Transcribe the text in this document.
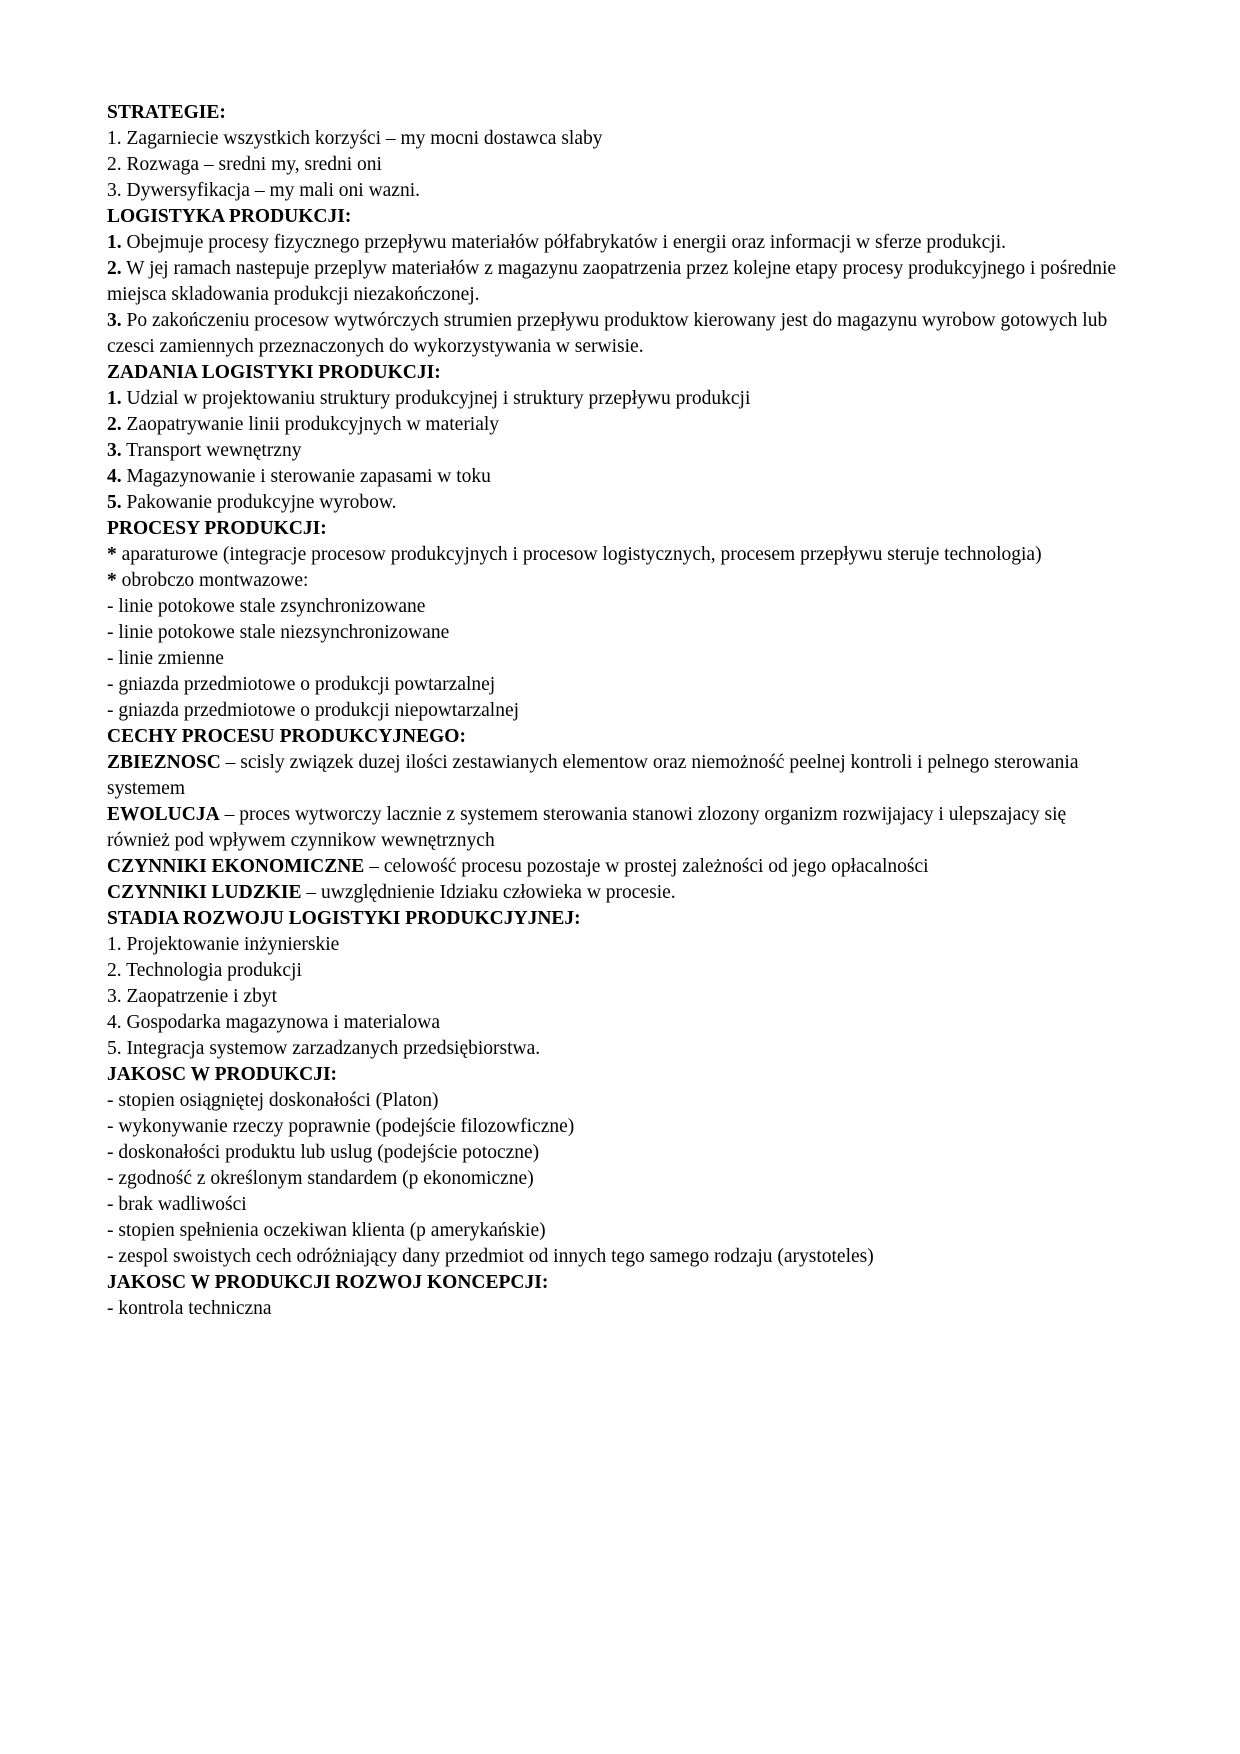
STRATEGIE:

1. Zagarniecie wszystkich korzyści – my mocni dostawca slaby

2. Rozwaga – sredni my, sredni oni

3. Dywersyfikacja – my mali oni wazni.

LOGISTYKA PRODUKCJI:

1. Obejmuje procesy fizycznego przepływu materiałów półfabrykatów i energii oraz informacji w sferze produkcji.

2. W jej ramach nastepuje przeplyw materiałów z magazynu zaopatrzenia przez kolejne etapy procesy produkcyjnego i pośrednie miejsca skladowania produkcji niezakończonej.

3. Po zakończeniu procesow wytwórczych strumien przepływu produktow kierowany jest do magazynu wyrobow gotowych lub czesci zamiennych przeznaczonych do wykorzystywania w serwisie.

ZADANIA LOGISTYKI PRODUKCJI:

1. Udzial w projektowaniu struktury produkcyjnej i struktury przepływu produkcji

2. Zaopatrywanie linii produkcyjnych w materialy

3. Transport wewnętrzny

4. Magazynowanie i sterowanie zapasami w toku

5. Pakowanie produkcyjne wyrobow.

PROCESY PRODUKCJI:

* aparaturowe (integracje procesow produkcyjnych i procesow logistycznych, procesem przepływu steruje technologia)

* obrobczo montwazowe:

- linie potokowe stale zsynchronizowane

- linie potokowe stale niezsynchronizowane

- linie zmienne

- gniazda przedmiotowe o produkcji powtarzalnej

- gniazda przedmiotowe o produkcji niepowtarzalnej

CECHY PROCESU PRODUKCYJNEGO:

ZBIEZNOSC – scisly związek duzej ilości zestawianych elementow oraz niemożność peelnej kontroli i pelnego sterowania systemem

EWOLUCJA – proces wytworczy lacznie z systemem sterowania stanowi zlozony organizm rozwijajacy i ulepszajacy się również pod wpływem czynnikow wewnętrznych

CZYNNIKI EKONOMICZNE – celowość procesu pozostaje w prostej zależności od jego opłacalności

CZYNNIKI LUDZKIE – uwzględnienie Idziaku człowieka w procesie.

STADIA ROZWOJU LOGISTYKI PRODUKCJYJNEJ:

1. Projektowanie inżynierskie

2. Technologia produkcji

3. Zaopatrzenie i zbyt

4. Gospodarka magazynowa i materialowa

5. Integracja systemow zarzadzanych przedsiębiorstwa.

JAKOSC W PRODUKCJI:

- stopien osiągniętej doskonałości (Platon)

- wykonywanie rzeczy poprawnie (podejście filozowficzne)

- doskonałości produktu lub uslug (podejście potoczne)

- zgodność z określonym standardem (p ekonomiczne)

- brak wadliwości

- stopien spełnienia oczekiwan klienta (p amerykańskie)

- zespol swoistych cech odróżniający dany przedmiot od innych tego samego rodzaju (arystoteles)

JAKOSC W PRODUKCJI ROZWOJ KONCEPCJI:

- kontrola techniczna
